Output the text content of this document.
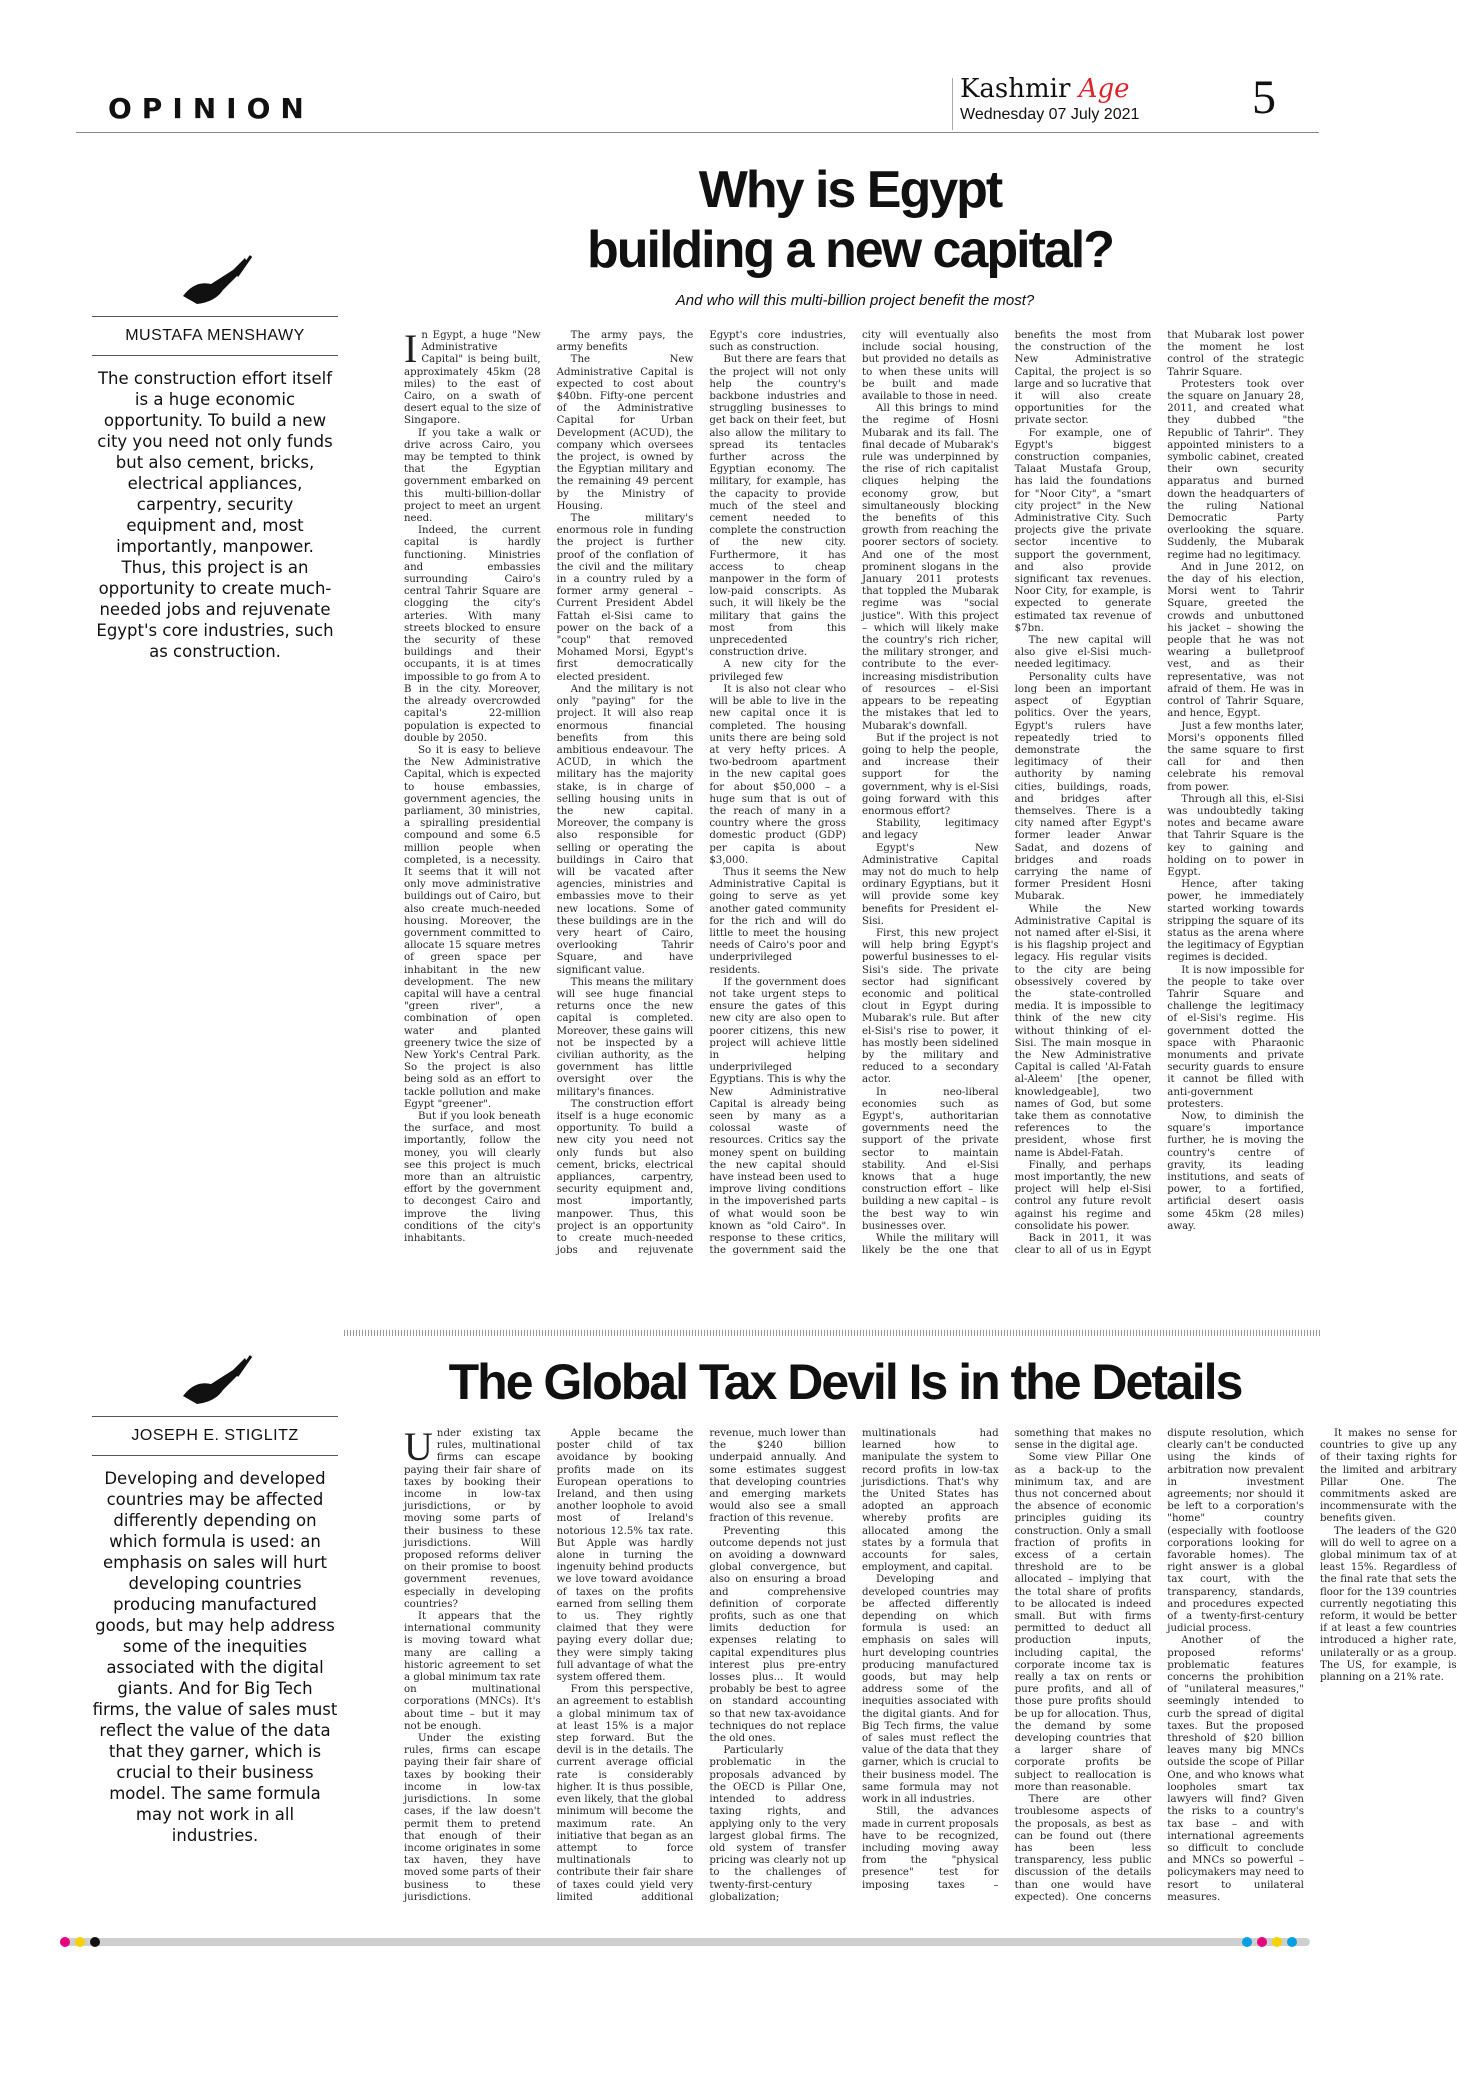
OPINION
Kashmir Age
Wednesday 07 July 2021 5
Why is Egypt
building a new capital?
And who will this multi-billion project benefit the most?
MUSTAFA MENSHAWY
The construction effort itself is a huge economic opportunity. To build a new city you need not only funds but also cement, bricks, electrical appliances, carpentry, security equipment and, most importantly, manpower. Thus, this project is an opportunity to create much-needed jobs and rejuvenate Egypt's core industries, such as construction.

In Egypt, a huge "New Administrative Capital" is being built, approximately 45km (28 miles) to the east of Cairo, on a swath of desert equal to the size of Singapore.

If you take a walk or drive across Cairo, you may be tempted to think that the Egyptian government embarked on this multi-billion-dollar project to meet an urgent need.

Indeed, the current capital is hardly functioning. Ministries and embassies surrounding Cairo's central Tahrir Square are clogging the city's arteries. With many streets blocked to ensure the security of these buildings and their occupants, it is at times impossible to go from A to B in the city. Moreover, the already overcrowded capital's 22-million population is expected to double by 2050.

So it is easy to believe the New Administrative Capital, which is expected to house embassies, government agencies, the parliament, 30 ministries, a spiralling presidential compound and some 6.5 million people when completed, is a necessity. It seems that it will not only move administrative buildings out of Cairo, but also create much-needed housing. Moreover, the government committed to allocate 15 square metres of green space per inhabitant in the new development. The new capital will have a central "green river", a combination of open water and planted greenery twice the size of New York's Central Park. So the project is also being sold as an effort to tackle pollution and make Egypt "greener".

But if you look beneath the surface, and most importantly, follow the money, you will clearly see this project is much more than an altruistic effort by the government to decongest Cairo and improve the living conditions of the city's inhabitants.

The army pays, the army benefits

The New Administrative Capital is expected to cost about $40bn. Fifty-one percent of the Administrative Capital for Urban Development (ACUD), the company which oversees the project, is owned by the Egyptian military and the remaining 49 percent by the Ministry of Housing.

The military's enormous role in funding the project is further proof of the conflation of the civil and the military in a country ruled by a former army general – Current President Abdel Fattah el-Sisi came to power on the back of a "coup" that removed Mohamed Morsi, Egypt's first democratically elected president.

And the military is not only "paying" for the project. It will also reap enormous financial benefits from this ambitious endeavour. The ACUD, in which the military has the majority stake, is in charge of selling housing units in the new capital. Moreover, the company is also responsible for selling or operating the buildings in Cairo that will be vacated after agencies, ministries and embassies move to their new locations. Some of these buildings are in the very heart of Cairo, overlooking Tahrir Square, and have significant value.

This means the military will see huge financial returns once the new capital is completed. Moreover, these gains will not be inspected by a civilian authority, as the government has little oversight over the military's finances.

The construction effort itself is a huge economic opportunity. To build a new city you need not only funds but also cement, bricks, electrical appliances, carpentry, security equipment and, most importantly, manpower. Thus, this project is an opportunity to create much-needed jobs and rejuvenate Egypt's core industries, such as construction.

But there are fears that the project will not only help the country's backbone industries and struggling businesses to get back on their feet, but also allow the military to spread its tentacles further across the Egyptian economy. The military, for example, has the capacity to provide much of the steel and cement needed to complete the construction of the new city. Furthermore, it has access to cheap manpower in the form of low-paid conscripts. As such, it will likely be the military that gains the most from this unprecedented construction drive.

A new city for the privileged few

It is also not clear who will be able to live in the new capital once it is completed. The housing units there are being sold at very hefty prices. A two-bedroom apartment in the new capital goes for about $50,000 – a huge sum that is out of the reach of many in a country where the gross domestic product (GDP) per capita is about $3,000.

Thus it seems the New Administrative Capital is going to serve as yet another gated community for the rich and will do little to meet the housing needs of Cairo's poor and underprivileged residents.

If the government does not take urgent steps to ensure the gates of this new city are also open to poorer citizens, this new project will achieve little in helping underprivileged Egyptians. This is why the New Administrative Capital is already being seen by many as a colossal waste of resources. Critics say the money spent on building the new capital should have instead been used to improve living conditions in the impoverished parts of what would soon be known as "old Cairo". In response to these critics, the government said the city will eventually also include social housing, but provided no details as to when these units will be built and made available to those in need.

All this brings to mind the regime of Hosni Mubarak and its fall. The final decade of Mubarak's rule was underpinned by the rise of rich capitalist cliques helping the economy grow, but simultaneously blocking the benefits of this growth from reaching the poorer sectors of society. And one of the most prominent slogans in the January 2011 protests that toppled the Mubarak regime was "social justice". With this project – which will likely make the country's rich richer, the military stronger, and contribute to the ever-increasing misdistribution of resources – el-Sisi appears to be repeating the mistakes that led to Mubarak's downfall.

But if the project is not going to help the people, and increase their support for the government, why is el-Sisi going forward with this enormous effort?

Stability, legitimacy and legacy

Egypt's New Administrative Capital may not do much to help ordinary Egyptians, but it will provide some key benefits for President el-Sisi.

First, this new project will help bring Egypt's powerful businesses to el-Sisi's side. The private sector had significant economic and political clout in Egypt during Mubarak's rule. But after el-Sisi's rise to power, it has mostly been sidelined by the military and reduced to a secondary actor.

In neo-liberal economies such as Egypt's, authoritarian governments need the support of the private sector to maintain stability. And el-Sisi knows that a huge construction effort – like building a new capital – is the best way to win businesses over.

While the military will likely be the one that benefits the most from the construction of the New Administrative Capital, the project is so large and so lucrative that it will also create opportunities for the private sector.

For example, one of Egypt's biggest construction companies, Talaat Mustafa Group, has laid the foundations for "Noor City", a "smart city project" in the New Administrative City. Such projects give the private sector incentive to support the government, and also provide significant tax revenues. Noor City, for example, is expected to generate estimated tax revenue of $7bn.

The new capital will also give el-Sisi much-needed legitimacy.

Personality cults have long been an important aspect of Egyptian politics. Over the years, Egypt's rulers have repeatedly tried to demonstrate the legitimacy of their authority by naming cities, buildings, roads, and bridges after themselves. There is a city named after Egypt's former leader Anwar Sadat, and dozens of bridges and roads carrying the name of former President Hosni Mubarak.

While the New Administrative Capital is not named after el-Sisi, it is his flagship project and legacy. His regular visits to the city are being obsessively covered by the state-controlled media. It is impossible to think of the new city without thinking of el-Sisi. The main mosque in the New Administrative Capital is called 'Al-Fatah al-Aleem' [the opener, knowledgeable], two names of God, but some take them as connotative references to the president, whose first name is Abdel-Fatah.

Finally, and perhaps most importantly, the new project will help el-Sisi control any future revolt against his regime and consolidate his power.

Back in 2011, it was clear to all of us in Egypt that Mubarak lost power the moment he lost control of the strategic Tahrir Square.

Protesters took over the square on January 28, 2011, and created what they dubbed "the Republic of Tahrir". They appointed ministers to a symbolic cabinet, created their own security apparatus and burned down the headquarters of the ruling National Democratic Party overlooking the square. Suddenly, the Mubarak regime had no legitimacy.

And in June 2012, on the day of his election, Morsi went to Tahrir Square, greeted the crowds and unbuttoned his jacket – showing the people that he was not wearing a bulletproof vest, and as their representative, was not afraid of them. He was in control of Tahrir Square, and hence, Egypt.

Just a few months later, Morsi's opponents filled the same square to first call for and then celebrate his removal from power.

Through all this, el-Sisi was undoubtedly taking notes and became aware that Tahrir Square is the key to gaining and holding on to power in Egypt.

Hence, after taking power, he immediately started working towards stripping the square of its status as the arena where the legitimacy of Egyptian regimes is decided.

It is now impossible for the people to take over Tahrir Square and challenge the legitimacy of el-Sisi's regime. His government dotted the space with Pharaonic monuments and private security guards to ensure it cannot be filled with anti-government protesters.

Now, to diminish the square's importance further, he is moving the country's centre of gravity, its leading institutions, and seats of power, to a fortified, artificial desert oasis some 45km (28 miles) away.

The Global Tax Devil Is in the Details
JOSEPH E. STIGLITZ
Developing and developed countries may be affected differently depending on which formula is used: an emphasis on sales will hurt developing countries producing manufactured goods, but may help address some of the inequities associated with the digital giants. And for Big Tech firms, the value of sales must reflect the value of the data that they garner, which is crucial to their business model. The same formula may not work in all industries.

Under existing tax rules, multinational firms can escape paying their fair share of taxes by booking their income in low-tax jurisdictions, or by moving some parts of their business to these jurisdictions. Will proposed reforms deliver on their promise to boost government revenues, especially in developing countries?

It appears that the international community is moving toward what many are calling a historic agreement to set a global minimum tax rate on multinational corporations (MNCs). It's about time – but it may not be enough.

Under the existing rules, firms can escape paying their fair share of taxes by booking their income in low-tax jurisdictions. In some cases, if the law doesn't permit them to pretend that enough of their income originates in some tax haven, they have moved some parts of their business to these jurisdictions.

Apple became the poster child of tax avoidance by booking profits made on its European operations to Ireland, and then using another loophole to avoid most of Ireland's notorious 12.5% tax rate. But Apple was hardly alone in turning the ingenuity behind products we love toward avoidance of taxes on the profits earned from selling them to us. They rightly claimed that they were paying every dollar due; they were simply taking full advantage of what the system offered them.

From this perspective, an agreement to establish a global minimum tax of at least 15% is a major step forward. But the devil is in the details. The current average official rate is considerably higher. It is thus possible, even likely, that the global minimum will become the maximum rate. An initiative that began as an attempt to force multinationals to contribute their fair share of taxes could yield very limited additional revenue, much lower than the $240 billion underpaid annually. And some estimates suggest that developing countries and emerging markets would also see a small fraction of this revenue.

Preventing this outcome depends not just on avoiding a downward global convergence, but also on ensuring a broad and comprehensive definition of corporate profits, such as one that limits deduction for expenses relating to capital expenditures plus interest plus pre-entry losses plus... It would probably be best to agree on standard accounting so that new tax-avoidance techniques do not replace the old ones.

Particularly problematic in the proposals advanced by the OECD is Pillar One, intended to address taxing rights, and applying only to the very largest global firms. The old system of transfer pricing was clearly not up to the challenges of twenty-first-century globalization; multinationals had learned how to manipulate the system to record profits in low-tax jurisdictions. That's why the United States has adopted an approach whereby profits are allocated among the states by a formula that accounts for sales, employment, and capital.

Developing and developed countries may be affected differently depending on which formula is used: an emphasis on sales will hurt developing countries producing manufactured goods, but may help address some of the inequities associated with the digital giants. And for Big Tech firms, the value of sales must reflect the value of the data that they garner, which is crucial to their business model. The same formula may not work in all industries.

Still, the advances made in current proposals have to be recognized, including moving away from the "physical presence" test for imposing taxes – something that makes no sense in the digital age.

Some view Pillar One as a back-up to the minimum tax, and are thus not concerned about the absence of economic principles guiding its construction. Only a small fraction of profits in excess of a certain threshold are to be allocated – implying that the total share of profits to be allocated is indeed small. But with firms permitted to deduct all production inputs, including capital, the corporate income tax is really a tax on rents or pure profits, and all of those pure profits should be up for allocation. Thus, the demand by some developing countries that a larger share of corporate profits be subject to reallocation is more than reasonable.

There are other troublesome aspects of the proposals, as best as can be found out (there has been less transparency, less public discussion of the details than one would have expected). One concerns dispute resolution, which clearly can't be conducted using the kinds of arbitration now prevalent in investment agreements; nor should it be left to a corporation's "home" country (especially with footloose corporations looking for favorable homes). The right answer is a global tax court, with the transparency, standards, and procedures expected of a twenty-first-century judicial process.

Another of the proposed reforms' problematic features concerns the prohibition of "unilateral measures," seemingly intended to curb the spread of digital taxes. But the proposed threshold of $20 billion leaves many big MNCs outside the scope of Pillar One, and who knows what loopholes smart tax lawyers will find? Given the risks to a country's tax base – and with international agreements so difficult to conclude and MNCs so powerful – policymakers may need to resort to unilateral measures.

It makes no sense for countries to give up any of their taxing rights for the limited and arbitrary Pillar One. The commitments asked are incommensurate with the benefits given.

The leaders of the G20 will do well to agree on a global minimum tax of at least 15%. Regardless of the final rate that sets the floor for the 139 countries currently negotiating this reform, it would be better if at least a few countries introduced a higher rate, unilaterally or as a group. The US, for example, is planning on a 21% rate.
